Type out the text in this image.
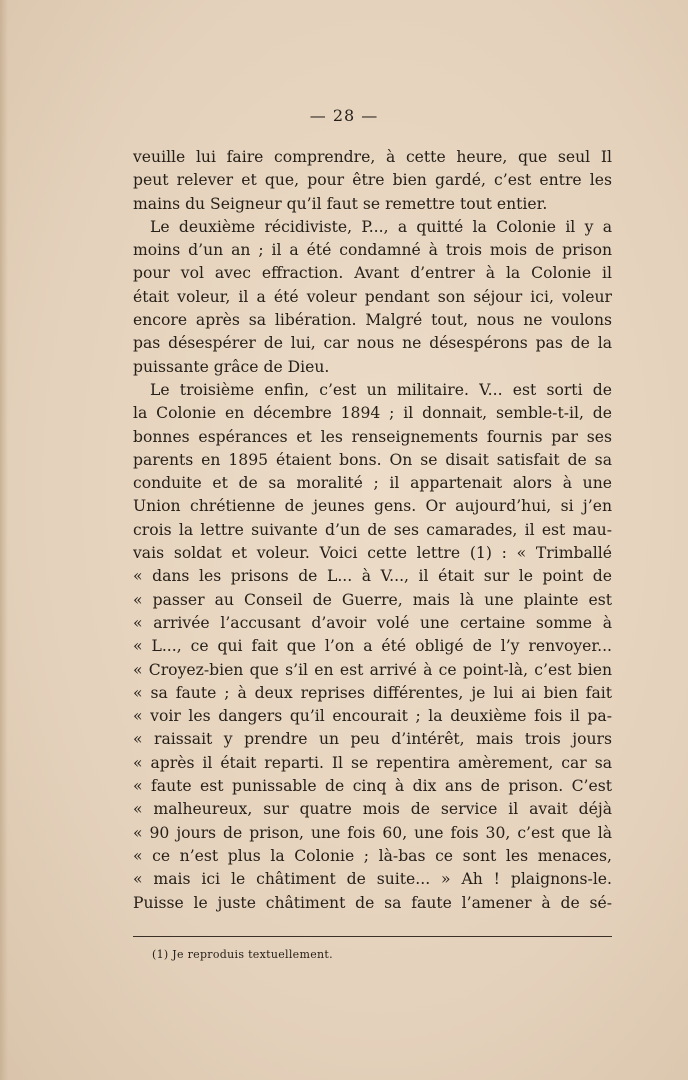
— 28 —
veuille lui faire comprendre, à cette heure, que seul Il
peut relever et que, pour être bien gardé, c’est entre les
mains du Seigneur qu’il faut se remettre tout entier.
Le deuxième récidiviste, P..., a quitté la Colonie il y a
moins d’un an ; il a été condamné à trois mois de prison
pour vol avec effraction. Avant d’entrer à la Colonie il
était voleur, il a été voleur pendant son séjour ici, voleur
encore après sa libération. Malgré tout, nous ne voulons
pas désespérer de lui, car nous ne désespérons pas de la
puissante grâce de Dieu.
Le troisième enfin, c’est un militaire. V... est sorti de
la Colonie en décembre 1894 ; il donnait, semble-t-il, de
bonnes espérances et les renseignements fournis par ses
parents en 1895 étaient bons. On se disait satisfait de sa
conduite et de sa moralité ; il appartenait alors à une
Union chrétienne de jeunes gens. Or aujourd’hui, si j’en
crois la lettre suivante d’un de ses camarades, il est mau-
vais soldat et voleur. Voici cette lettre (1) : « Trimballé
« dans les prisons de L... à V..., il était sur le point de
« passer au Conseil de Guerre, mais là une plainte est
« arrivée l’accusant d’avoir volé une certaine somme à
« L..., ce qui fait que l’on a été obligé de l’y renvoyer...
« Croyez-bien que s’il en est arrivé à ce point-là, c’est bien
« sa faute ; à deux reprises différentes, je lui ai bien fait
« voir les dangers qu’il encourait ; la deuxième fois il pa-
« raissait y prendre un peu d’intérêt, mais trois jours
« après il était reparti. Il se repentira amèrement, car sa
« faute est punissable de cinq à dix ans de prison. C’est
« malheureux, sur quatre mois de service il avait déjà
« 90 jours de prison, une fois 60, une fois 30, c’est que là
« ce n’est plus la Colonie ; là-bas ce sont les menaces,
« mais ici le châtiment de suite... » Ah ! plaignons-le.
Puisse le juste châtiment de sa faute l’amener à de sé-
(1) Je reproduis textuellement.
